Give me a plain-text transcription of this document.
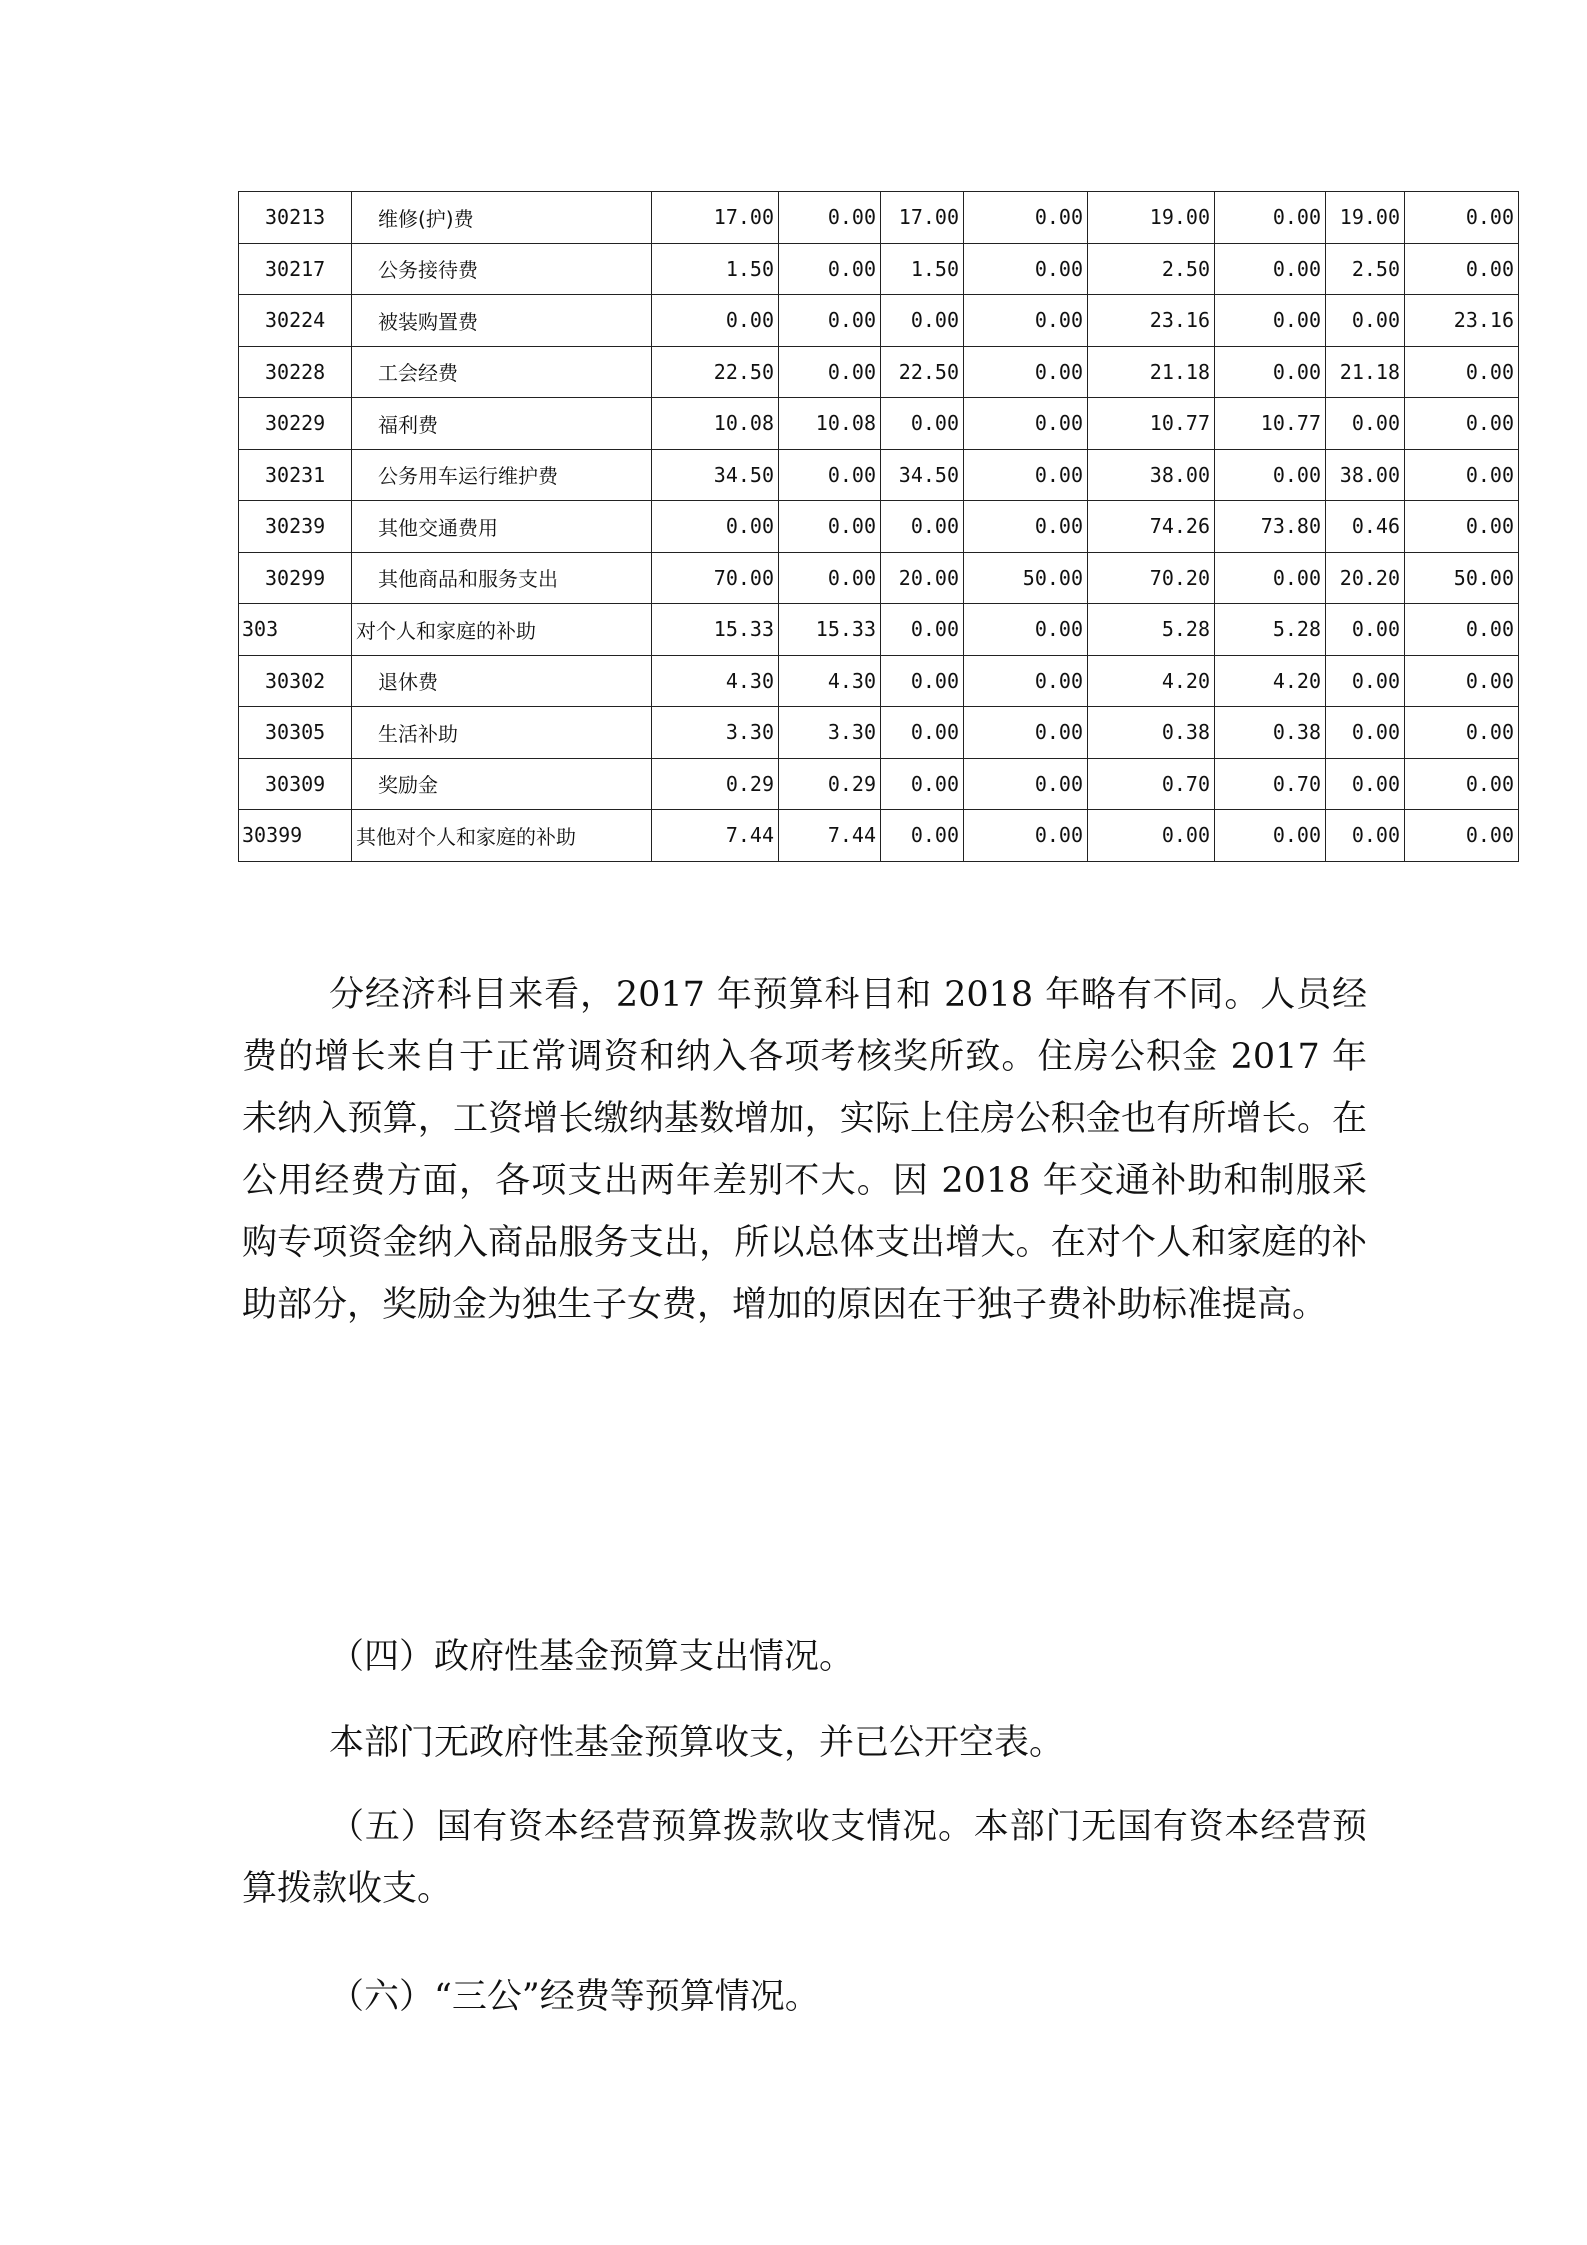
30213	维修(护)费	17.00	0.00	17.00	0.00	19.00	0.00	19.00	0.00
30217	公务接待费	1.50	0.00	1.50	0.00	2.50	0.00	2.50	0.00
30224	被装购置费	0.00	0.00	0.00	0.00	23.16	0.00	0.00	23.16
30228	工会经费	22.50	0.00	22.50	0.00	21.18	0.00	21.18	0.00
30229	福利费	10.08	10.08	0.00	0.00	10.77	10.77	0.00	0.00
30231	公务用车运行维护费	34.50	0.00	34.50	0.00	38.00	0.00	38.00	0.00
30239	其他交通费用	0.00	0.00	0.00	0.00	74.26	73.80	0.46	0.00
30299	其他商品和服务支出	70.00	0.00	20.00	50.00	70.20	0.00	20.20	50.00
303	对个人和家庭的补助	15.33	15.33	0.00	0.00	5.28	5.28	0.00	0.00
30302	退休费	4.30	4.30	0.00	0.00	4.20	4.20	0.00	0.00
30305	生活补助	3.30	3.30	0.00	0.00	0.38	0.38	0.00	0.00
30309	奖励金	0.29	0.29	0.00	0.00	0.70	0.70	0.00	0.00
30399	其他对个人和家庭的补助	7.44	7.44	0.00	0.00	0.00	0.00	0.00	0.00

分经济科目来看，2017 年预算科目和 2018 年略有不同。人员经费的增长来自于正常调资和纳入各项考核奖所致。住房公积金 2017 年未纳入预算，工资增长缴纳基数增加，实际上住房公积金也有所增长。在公用经费方面，各项支出两年差别不大。因 2018 年交通补助和制服采购专项资金纳入商品服务支出，所以总体支出增大。在对个人和家庭的补助部分，奖励金为独生子女费，增加的原因在于独子费补助标准提高。

（四）政府性基金预算支出情况。

本部门无政府性基金预算收支，并已公开空表。

（五）国有资本经营预算拨款收支情况。本部门无国有资本经营预算拨款收支。

（六）“三公”经费等预算情况。
